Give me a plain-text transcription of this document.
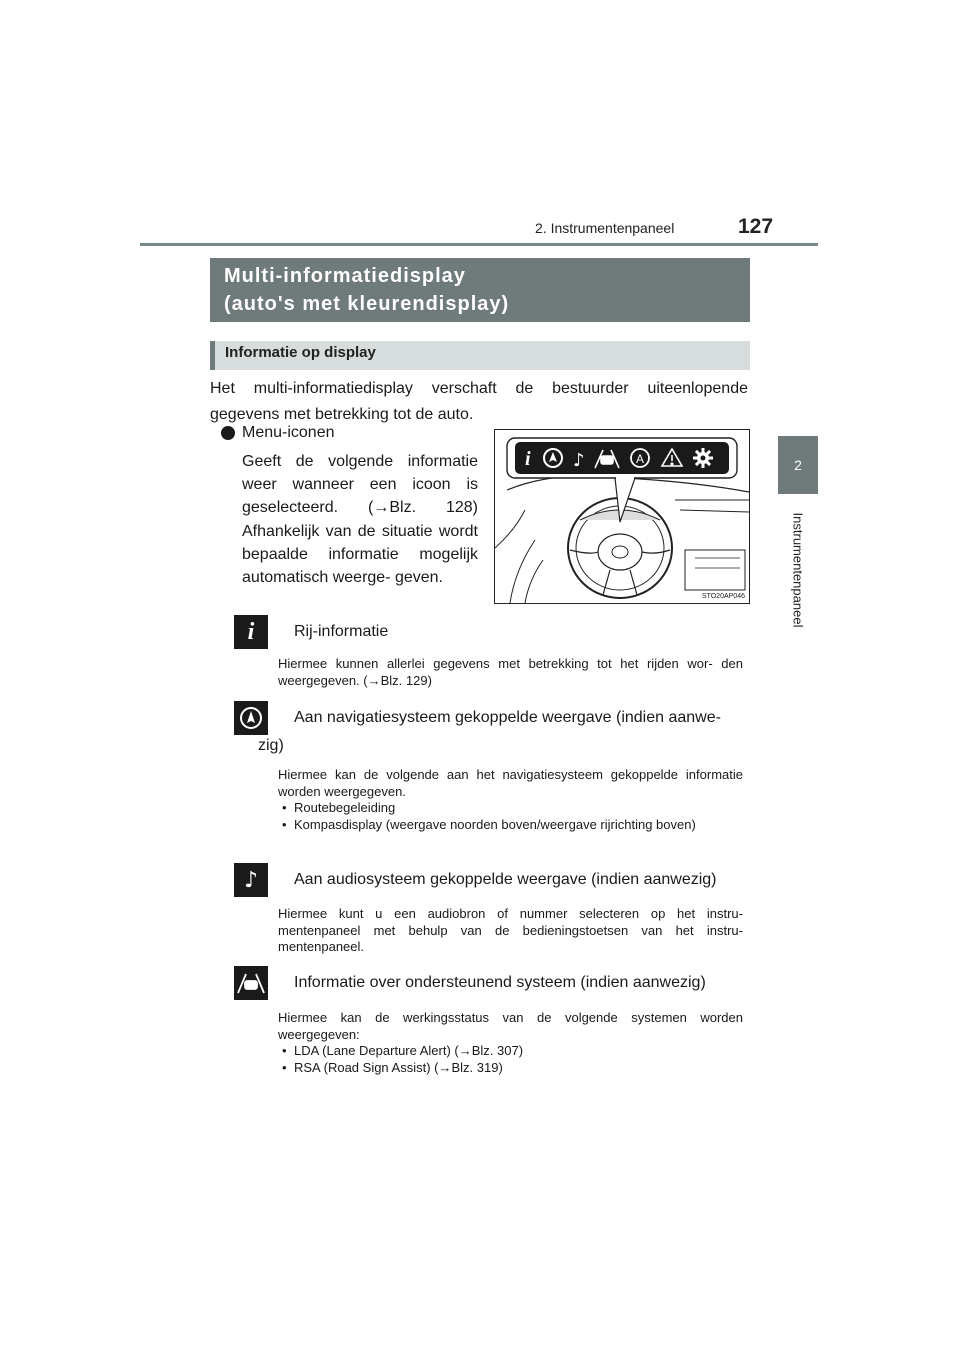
2. Instrumentenpaneel	127
2
Instrumentenpaneel
Multi-informatiedisplay
(auto's met kleurendisplay)
Informatie op display
Het multi-informatiedisplay verschaft de bestuurder uiteenlopende gegevens met betrekking tot de auto.
Menu-iconen
Geeft de volgende informatie weer wanneer een icoon is geselecteerd. (→Blz. 128) Afhankelijk van de situatie wordt bepaalde informatie mogelijk automatisch weerge- geven.
i ♪	A
STO20AP046
i Rij-informatie
Hiermee kunnen allerlei gegevens met betrekking tot het rijden wor- den weergegeven. (→Blz. 129)
Aan navigatiesysteem gekoppelde weergave (indien aanwe-
zig)
Hiermee kan de volgende aan het navigatiesysteem gekoppelde informatie worden weergegeven.
• Routebegeleiding
• Kompasdisplay (weergave noorden boven/weergave rijrichting boven)
♪ Aan audiosysteem gekoppelde weergave (indien aanwezig)
Hiermee kunt u een audiobron of nummer selecteren op het instru- mentenpaneel met behulp van de bedieningstoetsen van het instru- mentenpaneel.
Informatie over ondersteunend systeem (indien aanwezig)
Hiermee kan de werkingsstatus van de volgende systemen worden weergegeven:
• LDA (Lane Departure Alert) (→Blz. 307)
• RSA (Road Sign Assist) (→Blz. 319)
